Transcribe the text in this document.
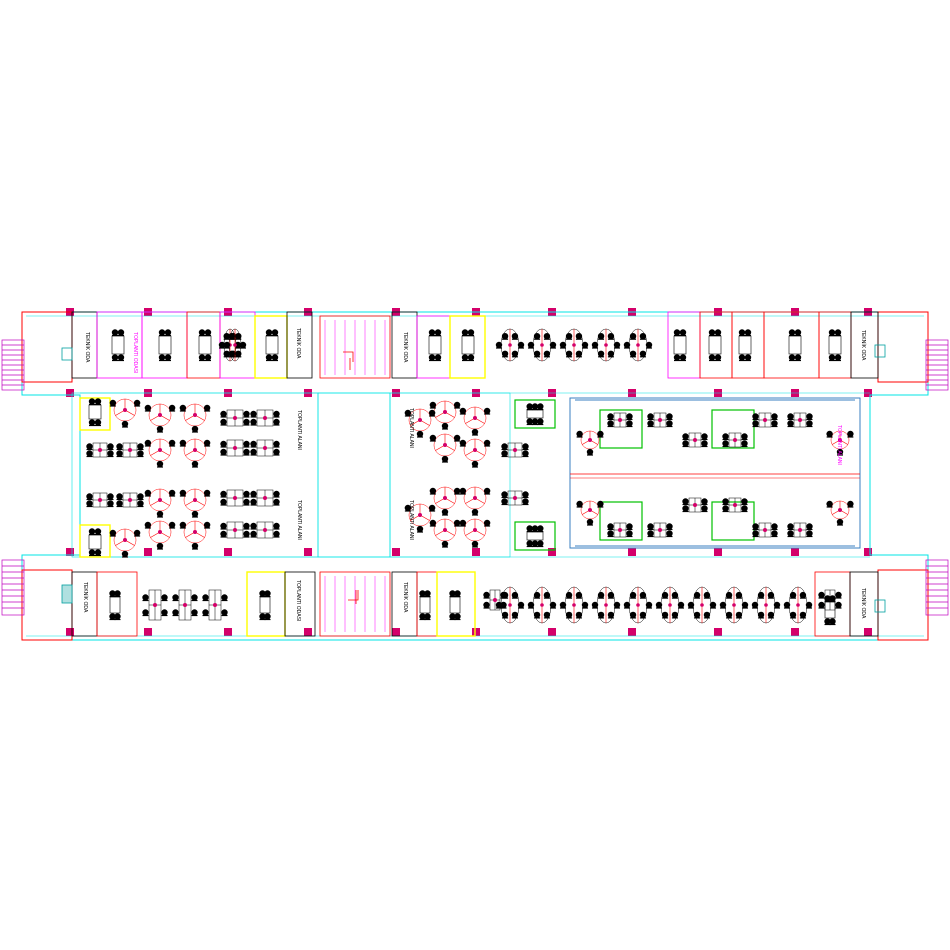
TEKNİK ODA	TEKNİK ODA	TEKNİK ODA	TEKNİK ODA
TOPLANTI ODASI
TEKNİK ODA	TOPLANTI ODASI	TEKNİK ODA	TEKNİK ODA
TOPLANTI ALANI
TOPLANTI ALANI
TOPLANTI ALANI
TOPLANTI ALANI
TOPLANTI ALANI
